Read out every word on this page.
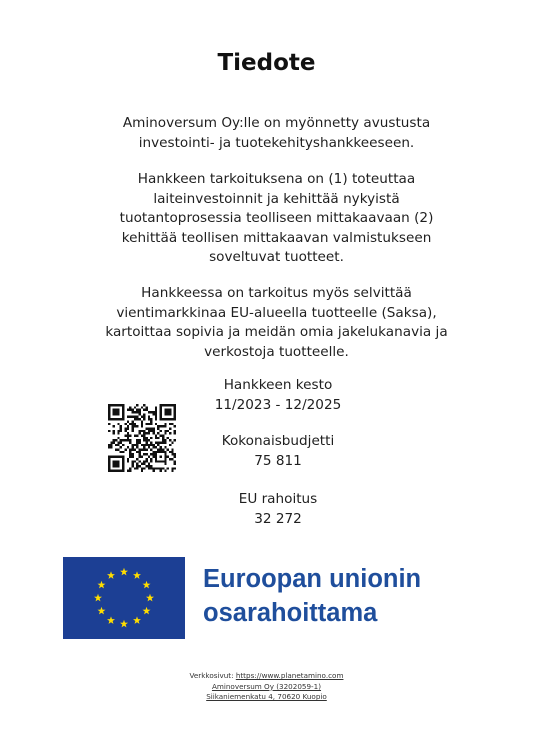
Tiedote
Aminoversum Oy:lle on myönnetty avustusta
investointi- ja tuotekehityshankkeeseen.
Hankkeen tarkoituksena on (1) toteuttaa
laiteinvestoinnit ja kehittää nykyistä
tuotantoprosessia teolliseen mittakaavaan (2)
kehittää teollisen mittakaavan valmistukseen
soveltuvat tuotteet.
Hankkeessa on tarkoitus myös selvittää
vientimarkkinaa EU-alueella tuotteelle (Saksa),
kartoittaa sopivia ja meidän omia jakelukanavia ja
verkostoja tuotteelle.
Hankkeen kesto
11/2023 - 12/2025
Kokonaisbudjetti
75 811
EU rahoitus
32 272
Euroopan unionin
osarahoittama
Verkkosivut: https://www.planetamino.com
Aminoversum Oy (3202059-1)
Siikaniemenkatu 4, 70620 Kuopio
